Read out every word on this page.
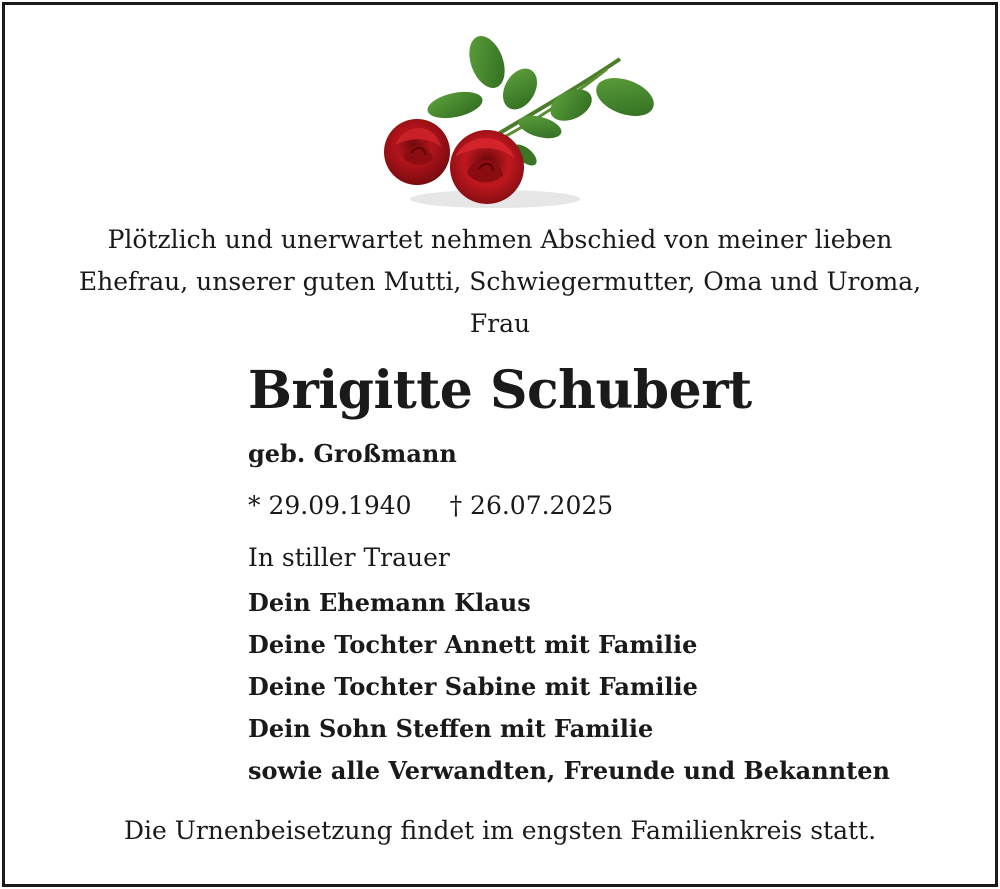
Plötzlich und unerwartet nehmen Abschied von meiner lieben
Ehefrau, unserer guten Mutti, Schwiegermutter, Oma und Uroma,
Frau
Brigitte Schubert
geb. Großmann
* 29.09.1940 † 26.07.2025
In stiller Trauer
Dein Ehemann Klaus
Deine Tochter Annett mit Familie
Deine Tochter Sabine mit Familie
Dein Sohn Steffen mit Familie
sowie alle Verwandten, Freunde und Bekannten
Die Urnenbeisetzung findet im engsten Familienkreis statt.
